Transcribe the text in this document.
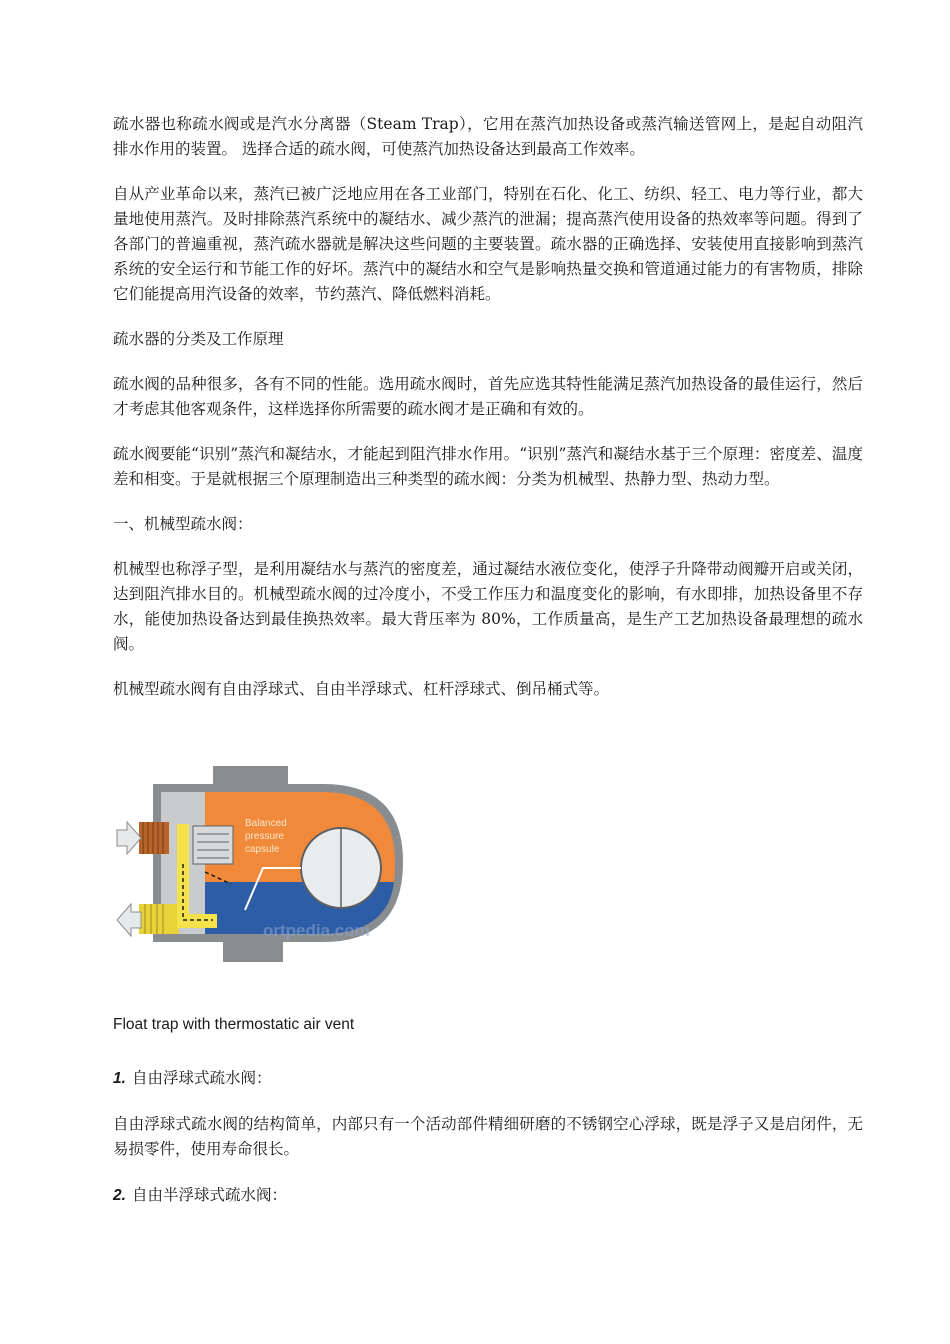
疏水器也称疏水阀或是汽水分离器（Steam Trap），它用在蒸汽加热设备或蒸汽输送管网上，是起自动阻汽排水作用的装置。 选择合适的疏水阀，可使蒸汽加热设备达到最高工作效率。

自从产业革命以来，蒸汽已被广泛地应用在各工业部门，特别在石化、化工、纺织、轻工、电力等行业，都大量地使用蒸汽。及时排除蒸汽系统中的凝结水、减少蒸汽的泄漏；提高蒸汽使用设备的热效率等问题。得到了各部门的普遍重视，蒸汽疏水器就是解决这些问题的主要装置。疏水器的正确选择、安装使用直接影响到蒸汽系统的安全运行和节能工作的好坏。蒸汽中的凝结水和空气是影响热量交换和管道通过能力的有害物质，排除它们能提高用汽设备的效率，节约蒸汽、降低燃料消耗。

疏水器的分类及工作原理

疏水阀的品种很多，各有不同的性能。选用疏水阀时，首先应选其特性能满足蒸汽加热设备的最佳运行，然后才考虑其他客观条件，这样选择你所需要的疏水阀才是正确和有效的。

疏水阀要能“识别”蒸汽和凝结水，才能起到阻汽排水作用。“识别”蒸汽和凝结水基于三个原理：密度差、温度差和相变。于是就根据三个原理制造出三种类型的疏水阀：分类为机械型、热静力型、热动力型。

一、机械型疏水阀：

机械型也称浮子型，是利用凝结水与蒸汽的密度差，通过凝结水液位变化，使浮子升降带动阀瓣开启或关闭，达到阻汽排水目的。机械型疏水阀的过冷度小，不受工作压力和温度变化的影响，有水即排，加热设备里不存水，能使加热设备达到最佳换热效率。最大背压率为 80%，工作质量高，是生产工艺加热设备最理想的疏水阀。

机械型疏水阀有自由浮球式、自由半浮球式、杠杆浮球式、倒吊桶式等。

Balanced
pressure
capsule
ortpedia.com
Float trap with thermostatic air vent

1. 自由浮球式疏水阀：

自由浮球式疏水阀的结构简单，内部只有一个活动部件精细研磨的不锈钢空心浮球，既是浮子又是启闭件，无易损零件，使用寿命很长。

2. 自由半浮球式疏水阀：
